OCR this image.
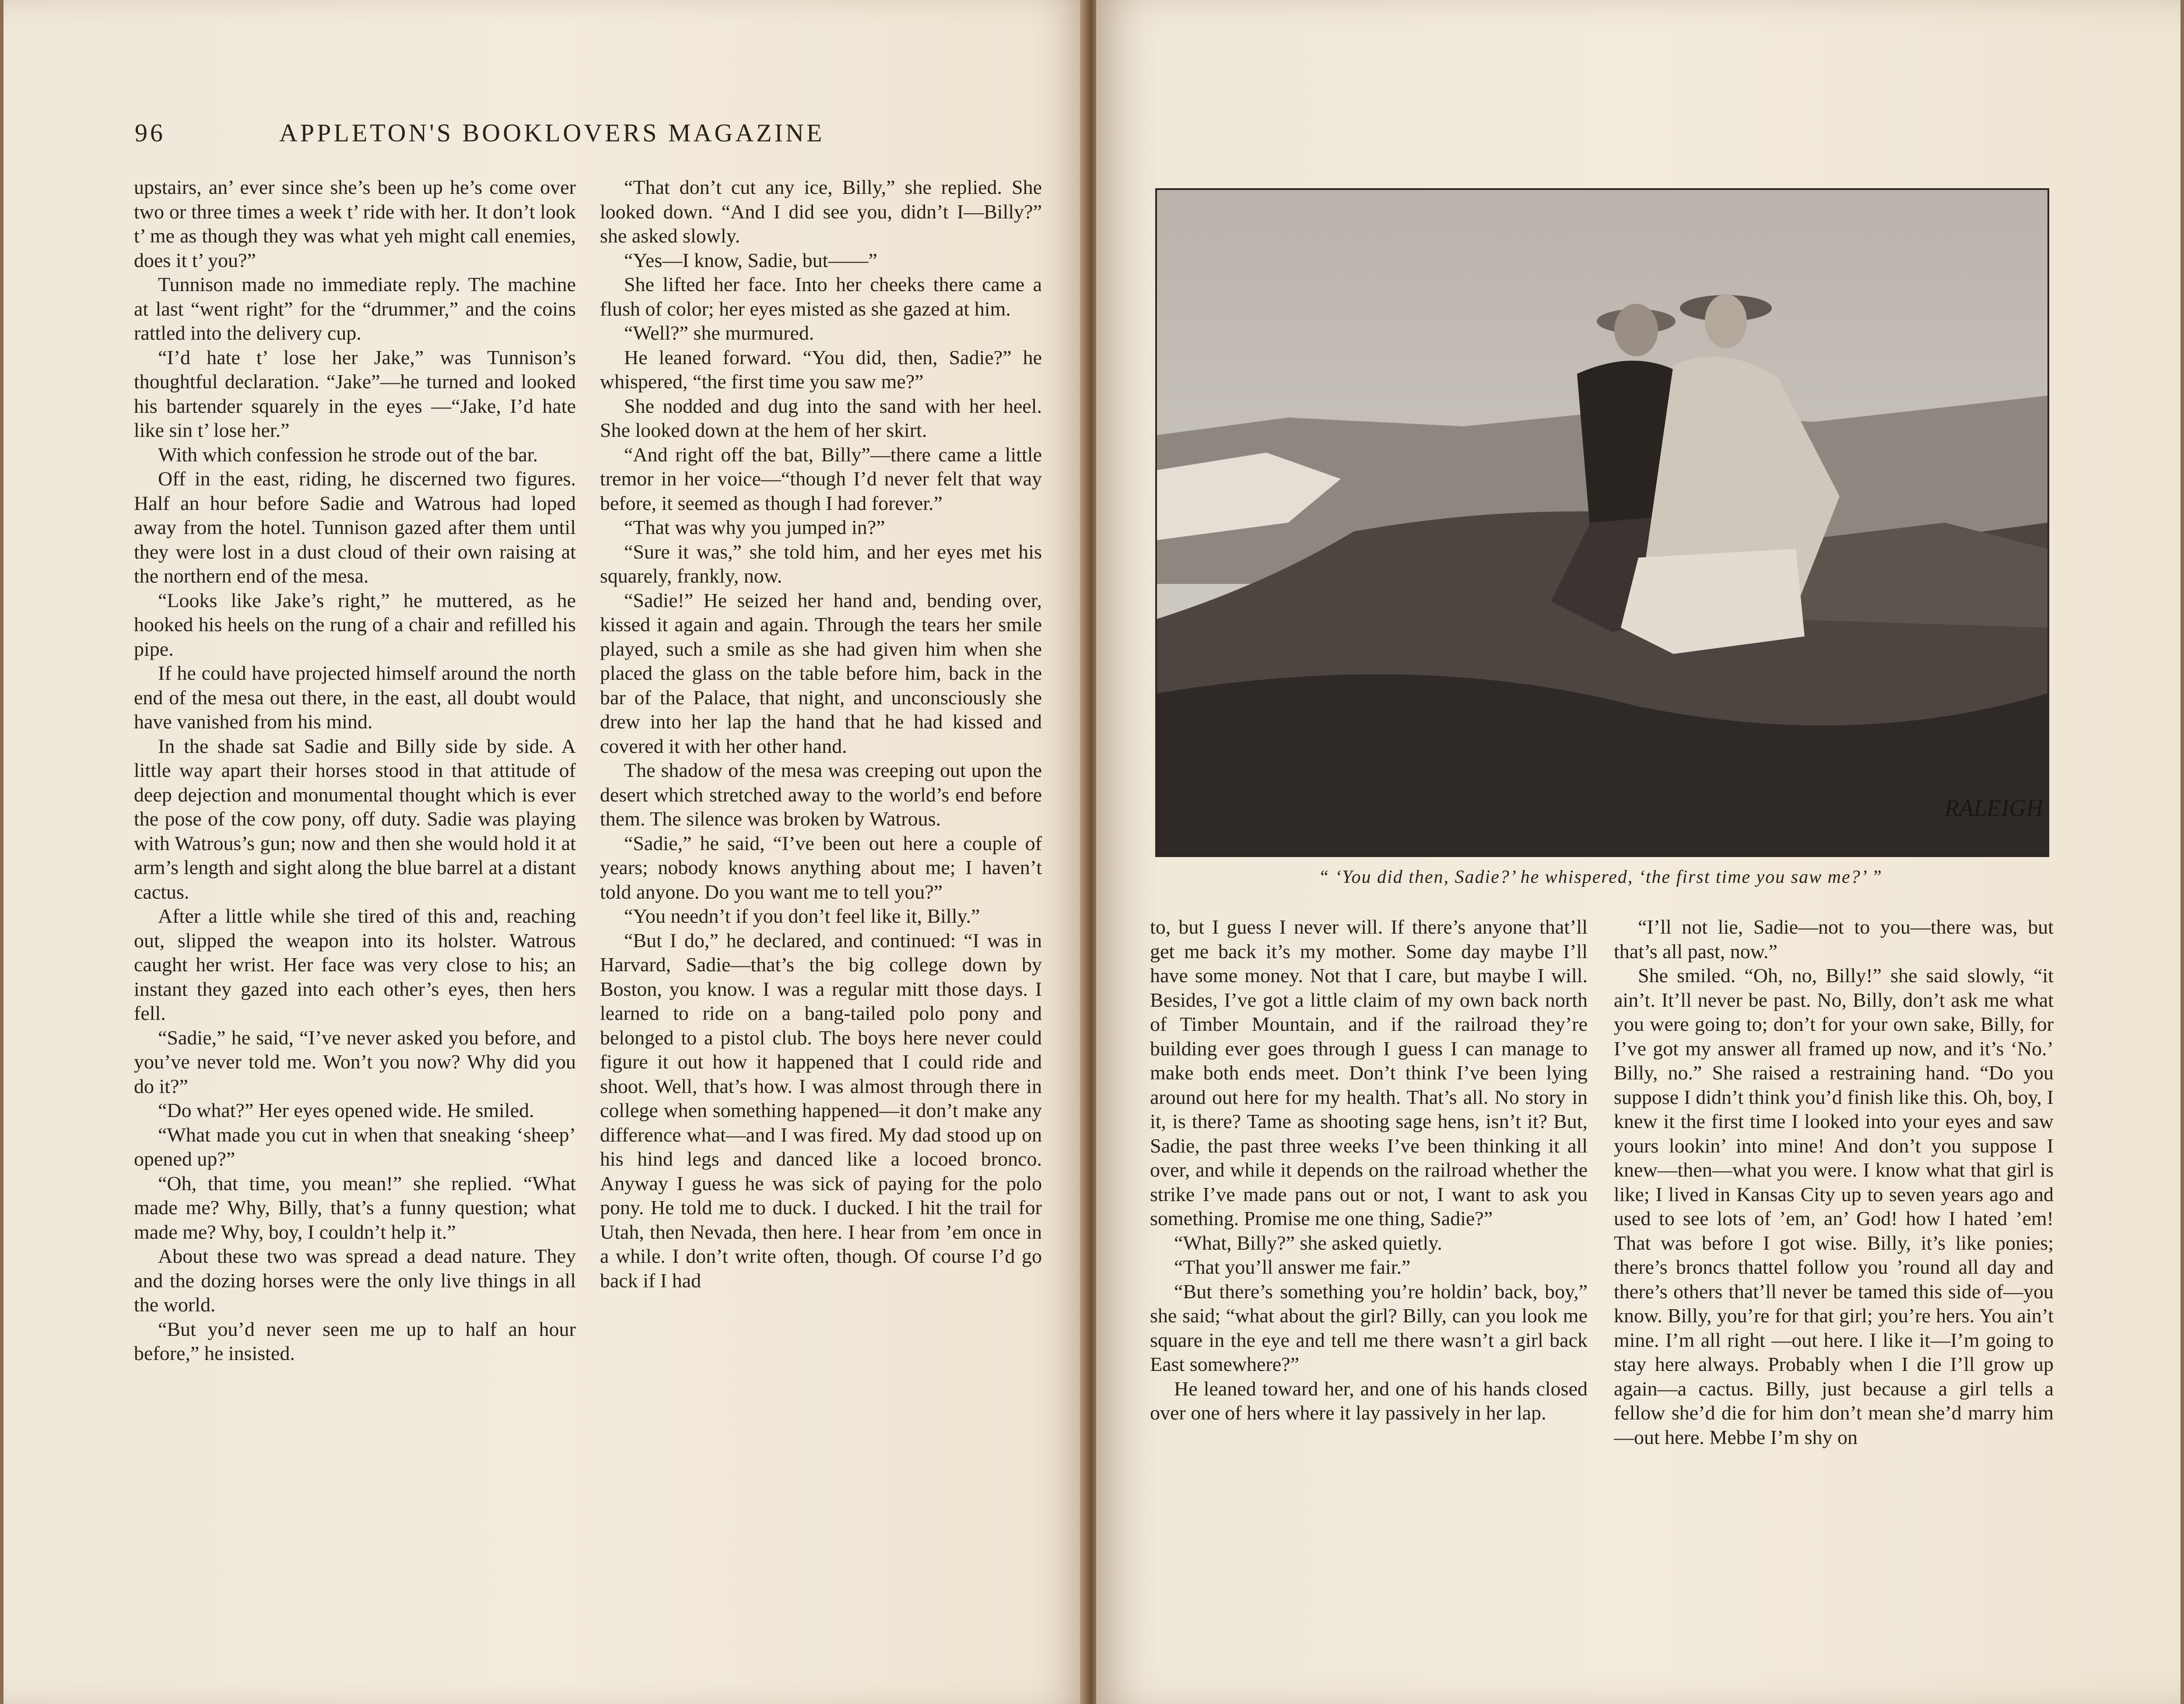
96	APPLETON'S BOOKLOVERS MAGAZINE

upstairs, an’ ever since she’s been up he’s come over two or three times a week t’ ride with her. It don’t look t’ me as though they was what yeh might call enemies, does it t’ you?”

Tunnison made no immediate reply. The machine at last “went right” for the “drummer,” and the coins rattled into the delivery cup.

“I’d hate t’ lose her Jake,” was Tunnison’s thoughtful declaration. “Jake”—he turned and looked his bartender squarely in the eyes —“Jake, I’d hate like sin t’ lose her.”

With which confession he strode out of the bar.

Off in the east, riding, he discerned two figures. Half an hour before Sadie and Watrous had loped away from the hotel. Tunnison gazed after them until they were lost in a dust cloud of their own raising at the northern end of the mesa.

“Looks like Jake’s right,” he muttered, as he hooked his heels on the rung of a chair and refilled his pipe.

If he could have projected himself around the north end of the mesa out there, in the east, all doubt would have vanished from his mind.

In the shade sat Sadie and Billy side by side. A little way apart their horses stood in that attitude of deep dejection and monumental thought which is ever the pose of the cow pony, off duty. Sadie was playing with Watrous’s gun; now and then she would hold it at arm’s length and sight along the blue barrel at a distant cactus.

After a little while she tired of this and, reaching out, slipped the weapon into its holster. Watrous caught her wrist. Her face was very close to his; an instant they gazed into each other’s eyes, then hers fell.

“Sadie,” he said, “I’ve never asked you before, and you’ve never told me. Won’t you now? Why did you do it?”

“Do what?” Her eyes opened wide. He smiled.

“What made you cut in when that sneaking ‘sheep’ opened up?”

“Oh, that time, you mean!” she replied. “What made me? Why, Billy, that’s a funny question; what made me? Why, boy, I couldn’t help it.”

About these two was spread a dead nature. They and the dozing horses were the only live things in all the world.

“But you’d never seen me up to half an hour before,” he insisted.

“That don’t cut any ice, Billy,” she replied. She looked down. “And I did see you, didn’t I—Billy?” she asked slowly.

“Yes—I know, Sadie, but——”

She lifted her face. Into her cheeks there came a flush of color; her eyes misted as she gazed at him.

“Well?” she murmured.

He leaned forward. “You did, then, Sadie?” he whispered, “the first time you saw me?”

She nodded and dug into the sand with her heel. She looked down at the hem of her skirt.

“And right off the bat, Billy”—there came a little tremor in her voice—“though I’d never felt that way before, it seemed as though I had forever.”

“That was why you jumped in?”

“Sure it was,” she told him, and her eyes met his squarely, frankly, now.

“Sadie!” He seized her hand and, bending over, kissed it again and again. Through the tears her smile played, such a smile as she had given him when she placed the glass on the table before him, back in the bar of the Palace, that night, and unconsciously she drew into her lap the hand that he had kissed and covered it with her other hand.

The shadow of the mesa was creeping out upon the desert which stretched away to the world’s end before them. The silence was broken by Watrous.

“Sadie,” he said, “I’ve been out here a couple of years; nobody knows anything about me; I haven’t told anyone. Do you want me to tell you?”

“You needn’t if you don’t feel like it, Billy.”

“But I do,” he declared, and continued: “I was in Harvard, Sadie—that’s the big college down by Boston, you know. I was a regular mitt those days. I learned to ride on a bang-tailed polo pony and belonged to a pistol club. The boys here never could figure it out how it happened that I could ride and shoot. Well, that’s how. I was almost through there in college when something happened—it don’t make any difference what—and I was fired. My dad stood up on his hind legs and danced like a locoed bronco. Anyway I guess he was sick of paying for the polo pony. He told me to duck. I ducked. I hit the trail for Utah, then Nevada, then here. I hear from ’em once in a while. I don’t write often, though. Of course I’d go back if I had

RALEIGH
“ ‘You did then, Sadie?’ he whispered, ‘the first time you saw me?’ ”

to, but I guess I never will. If there’s anyone that’ll get me back it’s my mother. Some day maybe I’ll have some money. Not that I care, but maybe I will. Besides, I’ve got a little claim of my own back north of Timber Mountain, and if the railroad they’re building ever goes through I guess I can manage to make both ends meet. Don’t think I’ve been lying around out here for my health. That’s all. No story in it, is there? Tame as shooting sage hens, isn’t it? But, Sadie, the past three weeks I’ve been thinking it all over, and while it depends on the railroad whether the strike I’ve made pans out or not, I want to ask you something. Promise me one thing, Sadie?”

“What, Billy?” she asked quietly.

“That you’ll answer me fair.”

“But there’s something you’re holdin’ back, boy,” she said; “what about the girl? Billy, can you look me square in the eye and tell me there wasn’t a girl back East somewhere?”

He leaned toward her, and one of his hands closed over one of hers where it lay passively in her lap.

“I’ll not lie, Sadie—not to you—there was, but that’s all past, now.”

She smiled. “Oh, no, Billy!” she said slowly, “it ain’t. It’ll never be past. No, Billy, don’t ask me what you were going to; don’t for your own sake, Billy, for I’ve got my answer all framed up now, and it’s ‘No.’ Billy, no.” She raised a restraining hand. “Do you suppose I didn’t think you’d finish like this. Oh, boy, I knew it the first time I looked into your eyes and saw yours lookin’ into mine! And don’t you suppose I knew—then—what you were. I know what that girl is like; I lived in Kansas City up to seven years ago and used to see lots of ’em, an’ God! how I hated ’em! That was before I got wise. Billy, it’s like ponies; there’s broncs thattel follow you ’round all day and there’s others that’ll never be tamed this side of—you know. Billy, you’re for that girl; you’re hers. You ain’t mine. I’m all right —out here. I like it—I’m going to stay here always. Probably when I die I’ll grow up again—a cactus. Billy, just because a girl tells a fellow she’d die for him don’t mean she’d marry him—out here. Mebbe I’m shy on
